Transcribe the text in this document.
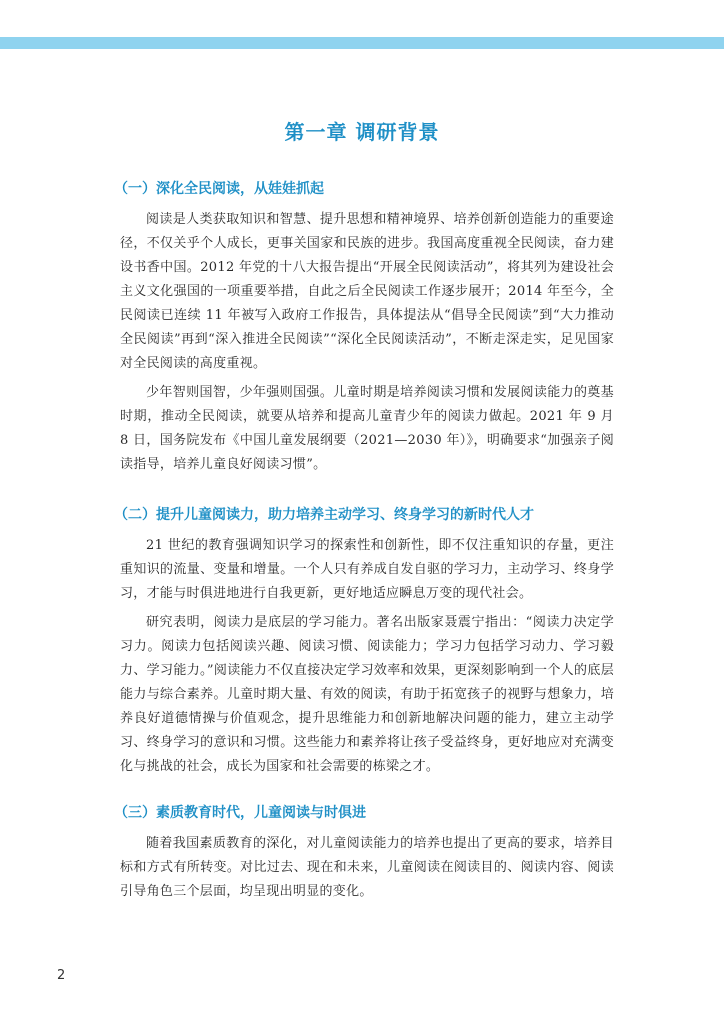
第一章 调研背景
（一）深化全民阅读，从娃娃抓起

阅读是人类获取知识和智慧、提升思想和精神境界、培养创新创造能力的重要途径，不仅关乎个人成长，更事关国家和民族的进步。我国高度重视全民阅读，奋力建设书香中国。2012 年党的十八大报告提出“开展全民阅读活动”，将其列为建设社会主义文化强国的一项重要举措，自此之后全民阅读工作逐步展开；2014 年至今，全民阅读已连续 11 年被写入政府工作报告，具体提法从“倡导全民阅读”到“大力推动全民阅读”再到“深入推进全民阅读”“深化全民阅读活动”，不断走深走实，足见国家对全民阅读的高度重视。

少年智则国智，少年强则国强。儿童时期是培养阅读习惯和发展阅读能力的奠基时期，推动全民阅读，就要从培养和提高儿童青少年的阅读力做起。2021 年 9 月 8 日，国务院发布《中国儿童发展纲要（2021—2030 年）》，明确要求“加强亲子阅读指导，培养儿童良好阅读习惯”。

（二）提升儿童阅读力，助力培养主动学习、终身学习的新时代人才

21 世纪的教育强调知识学习的探索性和创新性，即不仅注重知识的存量，更注重知识的流量、变量和增量。一个人只有养成自发自驱的学习力，主动学习、终身学习，才能与时俱进地进行自我更新，更好地适应瞬息万变的现代社会。

研究表明，阅读力是底层的学习能力。著名出版家聂震宁指出：“阅读力决定学习力。阅读力包括阅读兴趣、阅读习惯、阅读能力；学习力包括学习动力、学习毅力、学习能力。”阅读能力不仅直接决定学习效率和效果，更深刻影响到一个人的底层能力与综合素养。儿童时期大量、有效的阅读，有助于拓宽孩子的视野与想象力，培养良好道德情操与价值观念，提升思维能力和创新地解决问题的能力，建立主动学习、终身学习的意识和习惯。这些能力和素养将让孩子受益终身，更好地应对充满变化与挑战的社会，成长为国家和社会需要的栋梁之才。

（三）素质教育时代，儿童阅读与时俱进

随着我国素质教育的深化，对儿童阅读能力的培养也提出了更高的要求，培养目标和方式有所转变。对比过去、现在和未来，儿童阅读在阅读目的、阅读内容、阅读引导角色三个层面，均呈现出明显的变化。

2
